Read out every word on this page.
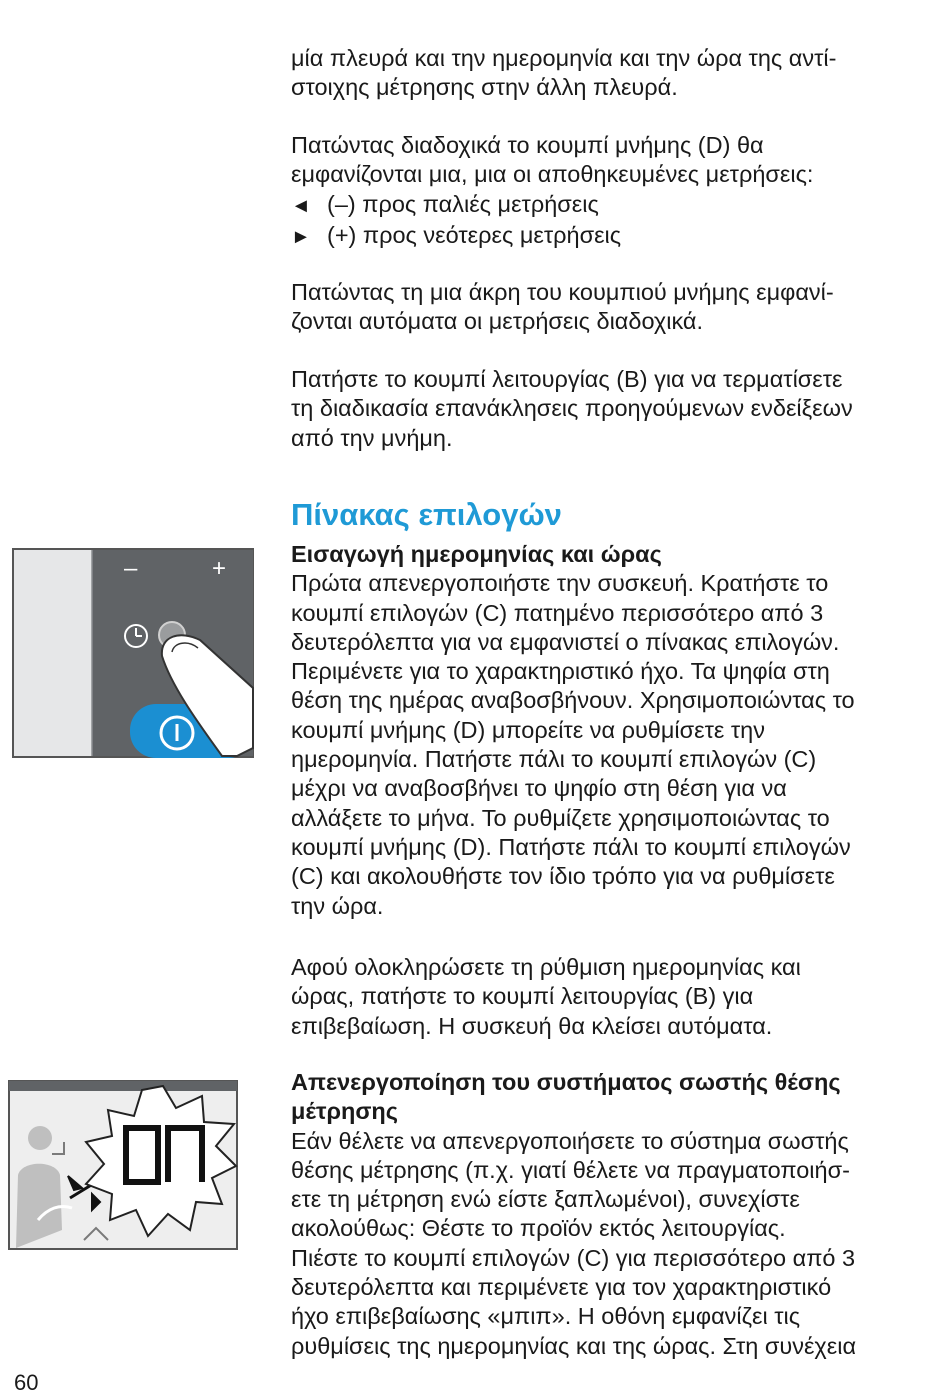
μία πλευρά και την ημερομηνία και την ώρα της αντί-
στοιχης μέτρησης στην άλλη πλευρά.
Πατώντας διαδοχικά το κουμπί μνήμης (D) θα
εμφανίζονται μια, μια οι αποθηκευμένες μετρήσεις:
◄ (–) προς παλιές μετρήσεις
► (+) προς νεότερες μετρήσεις
Πατώντας τη μια άκρη του κουμπιού μνήμης εμφανί-
ζονται αυτόματα οι μετρήσεις διαδοχικά.
Πατήστε το κουμπί λειτουργίας (B) για να τερματίσετε
τη διαδικασία επανάκλησεις προηγούμενων ενδείξεων
από την μνήμη.
Πίνακας επιλογών
Εισαγωγή ημερομηνίας και ώρας
Πρώτα απενεργοποιήστε την συσκευή. Κρατήστε το
κουμπί επιλογών (C) πατημένο περισσότερο από 3
δευτερόλεπτα για να εμφανιστεί ο πίνακας επιλογών.
Περιμένετε για το χαρακτηριστικό ήχο. Τα ψηφία στη
θέση της ημέρας αναβοσβήνουν. Χρησιμοποιώντας το
κουμπί μνήμης (D) μπορείτε να ρυθμίσετε την
ημερομηνία. Πατήστε πάλι το κουμπί επιλογών (C)
μέχρι να αναβοσβήνει το ψηφίο στη θέση για να
αλλάξετε το μήνα. Το ρυθμίζετε χρησιμοποιώντας το
κουμπί μνήμης (D). Πατήστε πάλι το κουμπί επιλογών
(C) και ακολουθήστε τον ίδιο τρόπο για να ρυθμίσετε
την ώρα.
Αφού ολοκληρώσετε τη ρύθμιση ημερομηνίας και
ώρας, πατήστε το κουμπί λειτουργίας (B) για
επιβεβαίωση. Η συσκευή θα κλείσει αυτόματα.
Απενεργοποίηση του συστήματος σωστής θέσης
μέτρησης
Εάν θέλετε να απενεργοποιήσετε το σύστημα σωστής
θέσης μέτρησης (π.χ. γιατί θέλετε να πραγματοποιήσ-
ετε τη μέτρηση ενώ είστε ξαπλωμένοι), συνεχίστε
ακολούθως: Θέστε το προϊόν εκτός λειτουργίας.
Πιέστε το κουμπί επιλογών (C) για περισσότερο από 3
δευτερόλεπτα και περιμένετε για τον χαρακτηριστικό
ήχο επιβεβαίωσης «μπιπ». Η οθόνη εμφανίζει τις
ρυθμίσεις της ημερομηνίας και της ώρας. Στη συνέχεια
–	+
60
